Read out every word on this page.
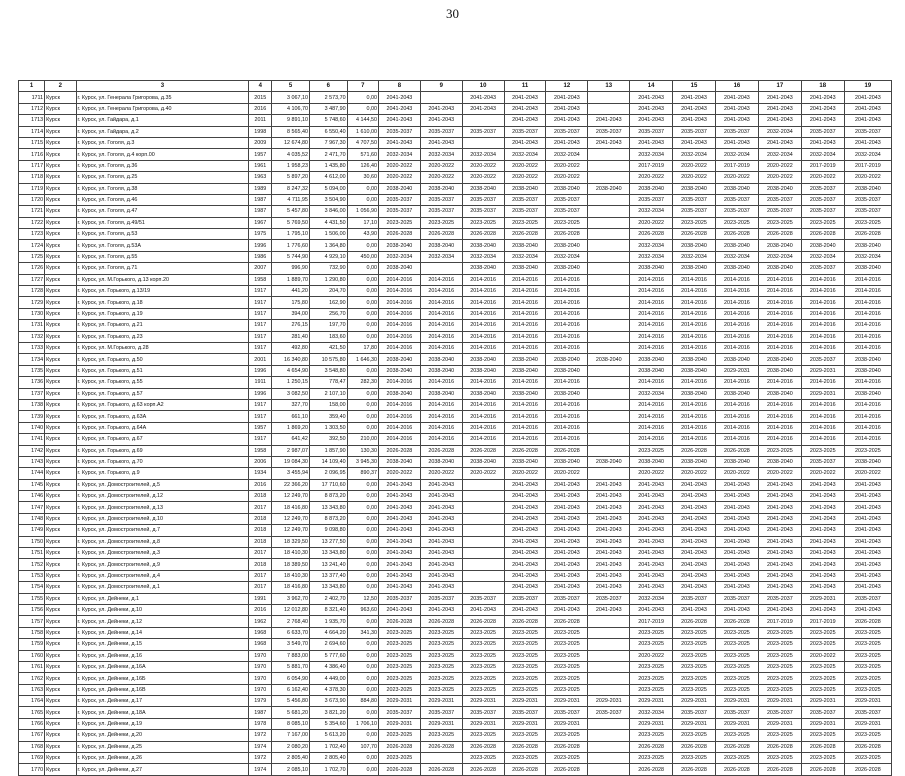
30
1	2	3	4	5	6	7	8	9	10	11	12	13	14	15	16	17	18	19
1711	Курск	г. Курск, ул. Генерала Григорова, д.35	2015	3 067,10	2 573,70	0,00	2041-2043		2041-2043	2041-2043	2041-2043		2041-2043	2041-2043	2041-2043	2041-2043	2041-2043	2041-2043
1712	Курск	г. Курск, ул. Генерала Григорова, д.40	2016	4 106,70	3 487,90	0,00	2041-2043	2041-2043	2041-2043	2041-2043	2041-2043		2041-2043	2041-2043	2041-2043	2041-2043	2041-2043	2041-2043
1713	Курск	г. Курск, ул. Гайдара, д.1	2011	9 891,10	5 748,60	4 144,50	2041-2043	2041-2043		2041-2043	2041-2043	2041-2043	2041-2043	2041-2043	2041-2043	2041-2043	2041-2043	2041-2043
1714	Курск	г. Курск, ул. Гайдара, д.2	1998	8 565,40	6 550,40	1 610,00	2035-2037	2035-2037	2035-2037	2035-2037	2035-2037	2035-2037	2035-2037	2035-2037	2035-2037	2032-2034	2035-2037	2035-2037
1715	Курск	г. Курск, ул. Гоголя, д.3	2009	12 674,80	7 967,30	4 707,50	2041-2043	2041-2043		2041-2043	2041-2043	2041-2043	2041-2043	2041-2043	2041-2043	2041-2043	2041-2043	2041-2043
1716	Курск	г. Курск, ул. Гоголя, д.4 корп.00	1957	4 035,52	2 471,70	571,60	2032-2034	2032-2034	2032-2034	2032-2034	2032-2034		2032-2034	2032-2034	2032-2034	2032-2034	2032-2034	2032-2034
1717	Курск	г. Курск, ул. Гоголя, д.36	1961	1 958,23	1 435,80	126,40	2020-2022	2020-2022	2020-2022	2020-2022	2020-2022		2017-2019	2020-2022	2017-2019	2020-2022	2017-2019	2017-2019
1718	Курск	г. Курск, ул. Гоголя, д.25	1963	5 897,20	4 612,00	30,60	2020-2022	2020-2022	2020-2022	2020-2022	2020-2022		2020-2022	2020-2022	2020-2022	2020-2022	2020-2022	2020-2022
1719	Курск	г. Курск, ул. Гоголя, д.38	1989	8 247,32	5 094,00	0,00	2038-2040	2038-2040	2038-2040	2038-2040	2038-2040	2038-2040	2038-2040	2038-2040	2038-2040	2038-2040	2035-2037	2038-2040
1720	Курск	г. Курск, ул. Гоголя, д.46	1987	4 711,95	3 504,90	0,00	2035-2037	2035-2037	2035-2037	2035-2037	2035-2037		2035-2037	2035-2037	2035-2037	2035-2037	2035-2037	2035-2037
1721	Курск	г. Курск, ул. Гоголя, д.47	1987	5 457,80	3 846,00	1 056,90	2035-2037	2035-2037	2035-2037	2035-2037	2035-2037		2032-2034	2035-2037	2035-2037	2035-2037	2035-2037	2035-2037
1722	Курск	г. Курск, ул. Гоголя, д.49/51	1967	5 769,50	4 431,50	17,10	2023-2025	2023-2025	2023-2025	2023-2025	2023-2025		2020-2022	2023-2025	2023-2025	2023-2025	2023-2025	2023-2025
1723	Курск	г. Курск, ул. Гоголя, д.53	1975	1 795,10	1 506,00	43,90	2026-2028	2026-2028	2026-2028	2026-2028	2026-2028		2026-2028	2026-2028	2026-2028	2026-2028	2026-2028	2026-2028
1724	Курск	г. Курск, ул. Гоголя, д.53А	1996	1 776,60	1 364,80	0,00	2038-2040	2038-2040	2038-2040	2038-2040	2038-2040		2032-2034	2038-2040	2038-2040	2038-2040	2038-2040	2038-2040
1725	Курск	г. Курск, ул. Гоголя, д.55	1986	5 744,90	4 929,10	450,00	2032-2034	2032-2034	2032-2034	2032-2034	2032-2034		2032-2034	2032-2034	2032-2034	2032-2034	2032-2034	2032-2034
1726	Курск	г. Курск, ул. Гоголя, д.71	2007	996,90	732,90	0,00	2038-2040		2038-2040	2038-2040	2038-2040		2038-2040	2038-2040	2038-2040	2038-2040	2035-2037	2038-2040
1727	Курск	г. Курск, ул. М.Горького, д.13 корп.20	1958	1 889,70	1 290,80	0,00	2014-2016	2014-2016	2014-2016	2014-2016	2014-2016		2014-2016	2014-2016	2014-2016	2014-2016	2014-2016	2014-2016
1728	Курск	г. Курск, ул. Горького, д.13/19	1917	441,20	204,70	0,00	2014-2016	2014-2016	2014-2016	2014-2016	2014-2016		2014-2016	2014-2016	2014-2016	2014-2016	2014-2016	2014-2016
1729	Курск	г. Курск, ул. Горького, д.18	1917	175,80	162,90	0,00	2014-2016	2014-2016	2014-2016	2014-2016	2014-2016		2014-2016	2014-2016	2014-2016	2014-2016	2014-2016	2014-2016
1730	Курск	г. Курск, ул. Горького, д.19	1917	394,00	256,70	0,00	2014-2016	2014-2016	2014-2016	2014-2016	2014-2016		2014-2016	2014-2016	2014-2016	2014-2016	2014-2016	2014-2016
1731	Курск	г. Курск, ул. Горького, д.21	1917	276,15	197,70	0,00	2014-2016	2014-2016	2014-2016	2014-2016	2014-2016		2014-2016	2014-2016	2014-2016	2014-2016	2014-2016	2014-2016
1732	Курск	г. Курск, ул. Горького, д.23	1917	281,40	183,60	0,00	2014-2016	2014-2016	2014-2016	2014-2016	2014-2016		2014-2016	2014-2016	2014-2016	2014-2016	2014-2016	2014-2016
1733	Курск	г. Курск, ул. М.Горького, д.28	1917	492,80	421,50	17,80	2014-2016	2014-2016	2014-2016	2014-2016	2014-2016		2014-2016	2014-2016	2014-2016	2014-2016	2014-2016	2014-2016
1734	Курск	г. Курск, ул. Горького, д.50	2001	16 340,80	10 575,80	1 646,30	2038-2040	2038-2040	2038-2040	2038-2040	2038-2040	2038-2040	2038-2040	2038-2040	2038-2040	2038-2040	2035-2037	2038-2040
1735	Курск	г. Курск, ул. Горького, д.51	1996	4 654,90	3 548,80	0,00	2038-2040	2038-2040	2038-2040	2038-2040	2038-2040		2038-2040	2038-2040	2029-2031	2038-2040	2029-2031	2038-2040
1736	Курск	г. Курск, ул. Горького, д.55	1911	1 250,15	778,47	282,30	2014-2016	2014-2016	2014-2016	2014-2016	2014-2016		2014-2016	2014-2016	2014-2016	2014-2016	2014-2016	2014-2016
1737	Курск	г. Курск, ул. Горького, д.57	1996	3 082,50	2 107,10	0,00	2038-2040	2038-2040	2038-2040	2038-2040	2038-2040		2032-2034	2038-2040	2038-2040	2038-2040	2029-2031	2038-2040
1738	Курск	г. Курск, ул. Горького, д.63 корп.А2	1917	327,70	158,00	0,00	2014-2016	2014-2016	2014-2016	2014-2016	2014-2016		2014-2016	2014-2016	2014-2016	2014-2016	2014-2016	2014-2016
1739	Курск	г. Курск, ул. Горького, д.63А	1917	661,10	359,40	0,00	2014-2016	2014-2016	2014-2016	2014-2016	2014-2016		2014-2016	2014-2016	2014-2016	2014-2016	2014-2016	2014-2016
1740	Курск	г. Курск, ул. Горького, д.64А	1957	1 869,20	1 303,50	0,00	2014-2016	2014-2016	2014-2016	2014-2016	2014-2016		2014-2016	2014-2016	2014-2016	2014-2016	2014-2016	2014-2016
1741	Курск	г. Курск, ул. Горького, д.67	1917	641,42	392,50	210,00	2014-2016	2014-2016	2014-2016	2014-2016	2014-2016		2014-2016	2014-2016	2014-2016	2014-2016	2014-2016	2014-2016
1742	Курск	г. Курск, ул. Горького, д.69	1958	2 987,07	1 857,90	130,30	2026-2028	2026-2028	2026-2028	2026-2028	2026-2028		2023-2025	2026-2028	2026-2028	2023-2025	2023-2025	2023-2025
1743	Курск	г. Курск, ул. Горького, д.70	2006	19 084,30	14 109,40	3 945,30	2038-2040	2038-2040	2038-2040	2038-2040	2038-2040	2038-2040	2038-2040	2038-2040	2038-2040	2038-2040	2035-2037	2038-2040
1744	Курск	г. Курск, ул. Горького, д.9	1934	3 455,94	2 096,95	890,37	2020-2022	2020-2022	2020-2022	2020-2022	2020-2022		2020-2022	2020-2022	2020-2022	2020-2022	2020-2022	2020-2022
1745	Курск	г. Курск, ул. Домостроителей, д.5	2016	22 366,20	17 710,60	0,00	2041-2043	2041-2043		2041-2043	2041-2043	2041-2043	2041-2043	2041-2043	2041-2043	2041-2043	2041-2043	2041-2043
1746	Курск	г. Курск, ул. Домостроителей, д.12	2018	12 249,70	8 873,20	0,00	2041-2043	2041-2043		2041-2043	2041-2043	2041-2043	2041-2043	2041-2043	2041-2043	2041-2043	2041-2043	2041-2043
1747	Курск	г. Курск, ул. Домостроителей, д.13	2017	18 416,80	13 343,80	0,00	2041-2043	2041-2043		2041-2043	2041-2043	2041-2043	2041-2043	2041-2043	2041-2043	2041-2043	2041-2043	2041-2043
1748	Курск	г. Курск, ул. Домостроителей, д.10	2018	12 249,70	8 873,20	0,00	2041-2043	2041-2043		2041-2043	2041-2043	2041-2043	2041-2043	2041-2043	2041-2043	2041-2043	2041-2043	2041-2043
1749	Курск	г. Курск, ул. Домостроителей, д.7	2018	12 249,70	9 098,80	0,00	2041-2043	2041-2043		2041-2043	2041-2043	2041-2043	2041-2043	2041-2043	2041-2043	2041-2043	2041-2043	2041-2043
1750	Курск	г. Курск, ул. Домостроителей, д.8	2018	18 329,50	13 277,50	0,00	2041-2043	2041-2043		2041-2043	2041-2043	2041-2043	2041-2043	2041-2043	2041-2043	2041-2043	2041-2043	2041-2043
1751	Курск	г. Курск, ул. Домостроителей, д.3	2017	18 410,30	13 343,80	0,00	2041-2043	2041-2043		2041-2043	2041-2043	2041-2043	2041-2043	2041-2043	2041-2043	2041-2043	2041-2043	2041-2043
1752	Курск	г. Курск, ул. Домостроителей, д.9	2018	18 389,50	13 241,40	0,00	2041-2043	2041-2043		2041-2043	2041-2043	2041-2043	2041-2043	2041-2043	2041-2043	2041-2043	2041-2043	2041-2043
1753	Курск	г. Курск, ул. Домостроителей, д.4	2017	18 410,30	13 377,40	0,00	2041-2043	2041-2043		2041-2043	2041-2043	2041-2043	2041-2043	2041-2043	2041-2043	2041-2043	2041-2043	2041-2043
1754	Курск	г. Курск, ул. Домостроителей, д.1	2017	18 416,80	13 343,80	0,00	2041-2043	2041-2043		2041-2043	2041-2043	2041-2043	2041-2043	2041-2043	2041-2043	2041-2043	2041-2043	2041-2043
1755	Курск	г. Курск, ул. Дейнеки, д.1	1991	3 962,70	2 402,70	12,50	2035-2037	2035-2037	2035-2037	2035-2037	2035-2037	2035-2037	2032-2034	2035-2037	2035-2037	2035-2037	2029-2031	2035-2037
1756	Курск	г. Курск, ул. Дейнеки, д.10	2016	12 012,80	8 321,40	963,60	2041-2043	2041-2043	2041-2043	2041-2043	2041-2043	2041-2043	2041-2043	2041-2043	2041-2043	2041-2043	2041-2043	2041-2043
1757	Курск	г. Курск, ул. Дейнеки, д.12	1962	2 768,40	1 935,70	0,00	2026-2028	2026-2028	2026-2028	2026-2028	2026-2028		2017-2019	2026-2028	2026-2028	2017-2019	2017-2019	2026-2028
1758	Курск	г. Курск, ул. Дейнеки, д.14	1968	6 633,70	4 664,20	341,30	2023-2025	2023-2025	2023-2025	2023-2025	2023-2025		2023-2025	2023-2025	2023-2025	2023-2025	2023-2025	2023-2025
1759	Курск	г. Курск, ул. Дейнеки, д.15	1968	3 549,70	2 694,60	0,00	2023-2025	2023-2025	2023-2025	2023-2025	2023-2025		2023-2025	2023-2025	2023-2025	2023-2025	2023-2025	2023-2025
1760	Курск	г. Курск, ул. Дейнеки, д.16	1970	7 883,00	5 777,60	0,00	2023-2025	2023-2025	2023-2025	2023-2025	2023-2025		2020-2022	2023-2025	2023-2025	2023-2025	2020-2022	2023-2025
1761	Курск	г. Курск, ул. Дейнеки, д.16А	1970	5 881,70	4 386,40	0,00	2023-2025	2023-2025	2023-2025	2023-2025	2023-2025		2023-2025	2023-2025	2023-2025	2023-2025	2023-2025	2023-2025
1762	Курск	г. Курск, ул. Дейнеки, д.16Б	1970	6 054,90	4 449,00	0,00	2023-2025	2023-2025	2023-2025	2023-2025	2023-2025		2023-2025	2023-2025	2023-2025	2023-2025	2023-2025	2023-2025
1763	Курск	г. Курск, ул. Дейнеки, д.16В	1970	6 162,40	4 378,30	0,00	2023-2025	2023-2025	2023-2025	2023-2025	2023-2025		2023-2025	2023-2025	2023-2025	2023-2025	2023-2025	2023-2025
1764	Курск	г. Курск, ул. Дейнеки, д.17	1979	5 456,80	3 673,90	884,80	2029-2031	2029-2031	2029-2031	2029-2031	2029-2031	2029-2031	2029-2031	2029-2031	2029-2031	2029-2031	2029-2031	2029-2031
1765	Курск	г. Курск, ул. Дейнеки, д.18А	1987	5 681,20	3 821,20	0,00	2035-2037	2035-2037	2035-2037	2035-2037	2035-2037	2035-2037	2032-2034	2035-2037	2035-2037	2035-2037	2035-2037	2035-2037
1766	Курск	г. Курск, ул. Дейнеки, д.19	1978	8 085,10	5 354,60	1 706,10	2029-2031	2029-2031	2029-2031	2029-2031	2029-2031		2029-2031	2029-2031	2029-2031	2029-2031	2029-2031	2029-2031
1767	Курск	г. Курск, ул. Дейнеки, д.20	1972	7 167,00	5 613,20	0,00	2023-2025	2023-2025	2023-2025	2023-2025	2023-2025		2023-2025	2023-2025	2023-2025	2023-2025	2023-2025	2023-2025
1768	Курск	г. Курск, ул. Дейнеки, д.25	1974	2 080,20	1 702,40	107,70	2026-2028	2026-2028	2026-2028	2026-2028	2026-2028		2026-2028	2026-2028	2026-2028	2026-2028	2026-2028	2026-2028
1769	Курск	г. Курск, ул. Дейнеки, д.26	1972	2 805,40	2 805,40	0,00	2023-2025		2023-2025	2023-2025	2023-2025		2023-2025	2023-2025	2023-2025	2023-2025	2023-2025	2023-2025
1770	Курск	г. Курск, ул. Дейнеки, д.27	1974	2 085,10	1 702,70	0,00	2026-2028	2026-2028	2026-2028	2026-2028	2026-2028		2026-2028	2026-2028	2026-2028	2026-2028	2026-2028	2026-2028
